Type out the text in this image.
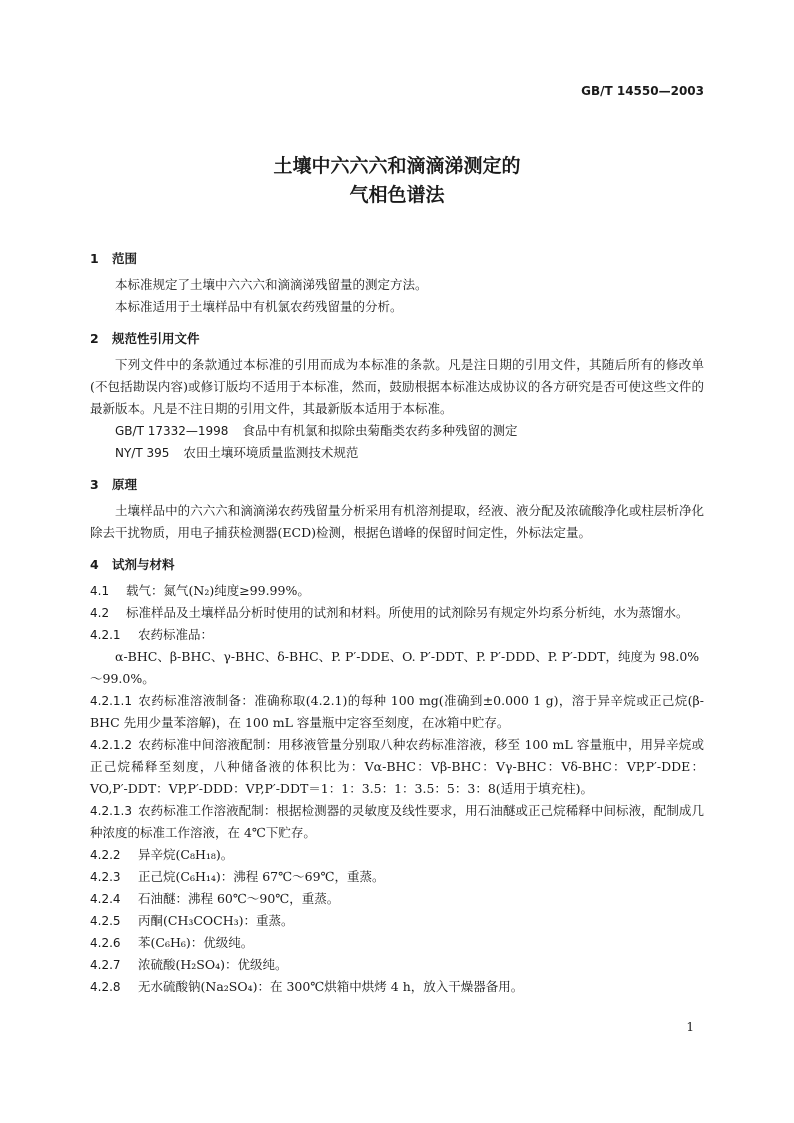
GB/T 14550—2003
土壤中六六六和滴滴涕测定的
气相色谱法
1 范围
本标准规定了土壤中六六六和滴滴涕残留量的测定方法。
本标准适用于土壤样品中有机氯农药残留量的分析。
2 规范性引用文件
下列文件中的条款通过本标准的引用而成为本标准的条款。凡是注日期的引用文件，其随后所有的修改单(不包括勘误内容)或修订版均不适用于本标准，然而，鼓励根据本标准达成协议的各方研究是否可使这些文件的最新版本。凡是不注日期的引用文件，其最新版本适用于本标准。
GB/T 17332—1998 食品中有机氯和拟除虫菊酯类农药多种残留的测定
NY/T 395 农田土壤环境质量监测技术规范
3 原理
土壤样品中的六六六和滴滴涕农药残留量分析采用有机溶剂提取，经液、液分配及浓硫酸净化或柱层析净化除去干扰物质，用电子捕获检测器(ECD)检测，根据色谱峰的保留时间定性，外标法定量。
4 试剂与材料
4.1 载气：氮气(N₂)纯度≥99.99%。
4.2 标准样品及土壤样品分析时使用的试剂和材料。所使用的试剂除另有规定外均系分析纯，水为蒸馏水。
4.2.1 农药标准品：
α-BHC、β-BHC、γ-BHC、δ-BHC、P. P′-DDE、O. P′-DDT、P. P′-DDD、P. P′-DDT，纯度为 98.0%～99.0%。
4.2.1.1 农药标准溶液制备：准确称取(4.2.1)的每种 100 mg(准确到±0.000 1 g)，溶于异辛烷或正己烷(β-BHC 先用少量苯溶解)，在 100 mL 容量瓶中定容至刻度，在冰箱中贮存。
4.2.1.2 农药标准中间溶液配制：用移液管量分别取八种农药标准溶液，移至 100 mL 容量瓶中，用异辛烷或正己烷稀释至刻度，八种储备液的体积比为：Vα-BHC：Vβ-BHC：Vγ-BHC：Vδ-BHC：VP,P′-DDE：VO,P′-DDT：VP,P′-DDD：VP,P′-DDT＝1：1：3.5：1：3.5：5：3：8(适用于填充柱)。
4.2.1.3 农药标准工作溶液配制：根据检测器的灵敏度及线性要求，用石油醚或正己烷稀释中间标液，配制成几种浓度的标准工作溶液，在 4℃下贮存。
4.2.2 异辛烷(C₈H₁₈)。
4.2.3 正己烷(C₆H₁₄)：沸程 67℃～69℃，重蒸。
4.2.4 石油醚：沸程 60℃～90℃，重蒸。
4.2.5 丙酮(CH₃COCH₃)：重蒸。
4.2.6 苯(C₆H₆)：优级纯。
4.2.7 浓硫酸(H₂SO₄)：优级纯。
4.2.8 无水硫酸钠(Na₂SO₄)：在 300℃烘箱中烘烤 4 h，放入干燥器备用。
1
